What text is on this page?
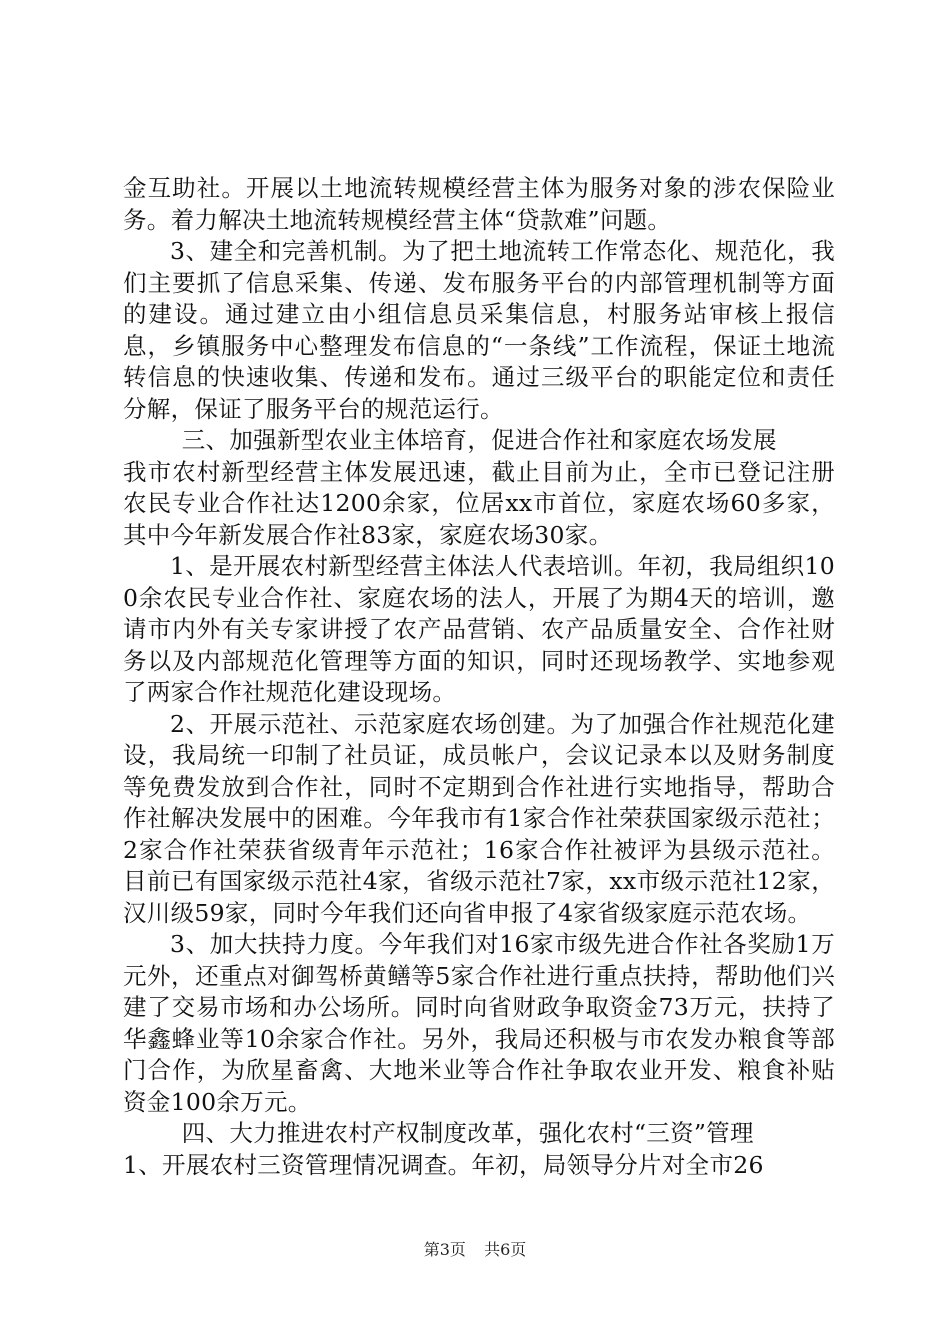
金互助社。开展以土地流转规模经营主体为服务对象的涉农保险业务。着力解决土地流转规模经营主体“贷款难”问题。

3、建全和完善机制。为了把土地流转工作常态化、规范化，我们主要抓了信息采集、传递、发布服务平台的内部管理机制等方面的建设。通过建立由小组信息员采集信息，村服务站审核上报信息，乡镇服务中心整理发布信息的“一条线”工作流程，保证土地流转信息的快速收集、传递和发布。通过三级平台的职能定位和责任分解，保证了服务平台的规范运行。

三、加强新型农业主体培育，促进合作社和家庭农场发展

我市农村新型经营主体发展迅速，截止目前为止，全市已登记注册农民专业合作社达1200余家，位居xx市首位，家庭农场60多家，其中今年新发展合作社83家，家庭农场30家。

1、是开展农村新型经营主体法人代表培训。年初，我局组织100余农民专业合作社、家庭农场的法人，开展了为期4天的培训，邀请市内外有关专家讲授了农产品营销、农产品质量安全、合作社财务以及内部规范化管理等方面的知识，同时还现场教学、实地参观了两家合作社规范化建设现场。

2、开展示范社、示范家庭农场创建。为了加强合作社规范化建设，我局统一印制了社员证，成员帐户，会议记录本以及财务制度等免费发放到合作社，同时不定期到合作社进行实地指导，帮助合作社解决发展中的困难。今年我市有1家合作社荣获国家级示范社；2家合作社荣获省级青年示范社；16家合作社被评为县级示范社。目前已有国家级示范社4家，省级示范社7家，xx市级示范社12家，汉川级59家，同时今年我们还向省申报了4家省级家庭示范农场。

3、加大扶持力度。今年我们对16家市级先进合作社各奖励1万元外，还重点对御驾桥黄鳝等5家合作社进行重点扶持，帮助他们兴建了交易市场和办公场所。同时向省财政争取资金73万元，扶持了华鑫蜂业等10余家合作社。另外，我局还积极与市农发办粮食等部门合作，为欣星畜禽、大地米业等合作社争取农业开发、粮食补贴资金100余万元。

四、大力推进农村产权制度改革，强化农村“三资”管理

1、开展农村三资管理情况调查。年初，局领导分片对全市26

第3页 共6页
